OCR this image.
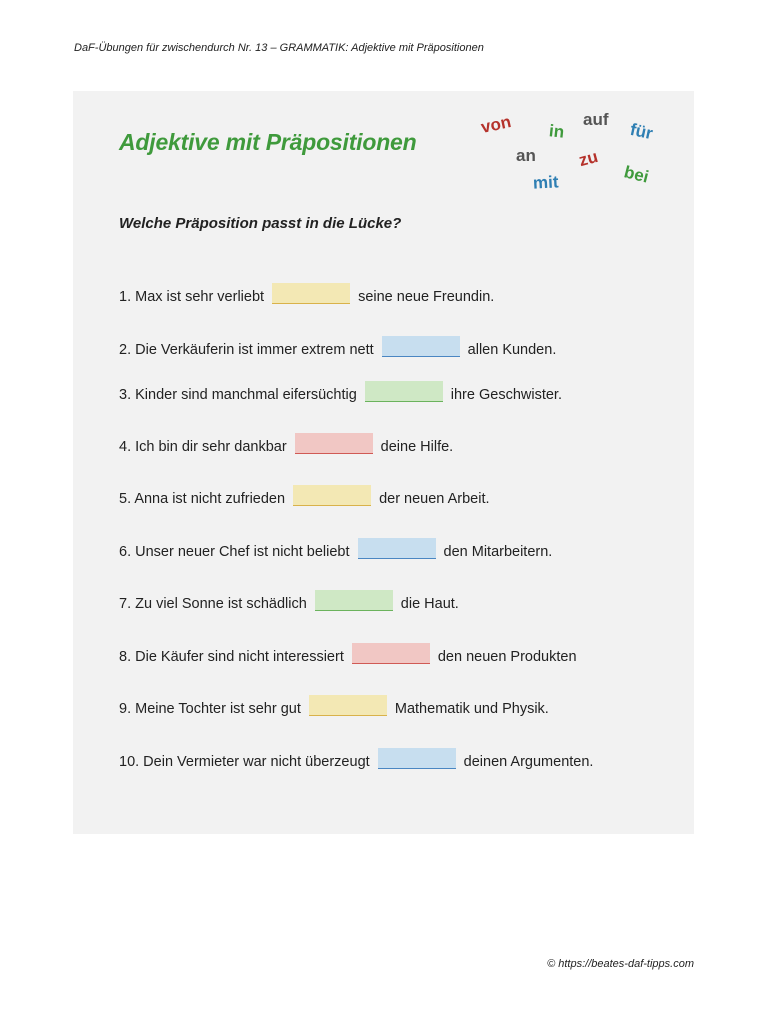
DaF-Übungen für zwischendurch Nr. 13 – GRAMMATIK: Adjektive mit Präpositionen
Adjektive mit Präpositionen
von in
auf
für
an zu
mit	bei
Welche Präposition passt in die Lücke?
1. Max ist sehr verliebt	seine neue Freundin.
2. Die Verkäuferin ist immer extrem nett	allen Kunden.
3. Kinder sind manchmal eifersüchtig	ihre Geschwister.
4. Ich bin dir sehr dankbar	deine Hilfe.
5. Anna ist nicht zufrieden	der neuen Arbeit.
6. Unser neuer Chef ist nicht beliebt	den Mitarbeitern.
7. Zu viel Sonne ist schädlich	die Haut.
8. Die Käufer sind nicht interessiert	den neuen Produkten
9. Meine Tochter ist sehr gut	Mathematik und Physik.
10. Dein Vermieter war nicht überzeugt	deinen Argumenten.
© https://beates-daf-tipps.com
